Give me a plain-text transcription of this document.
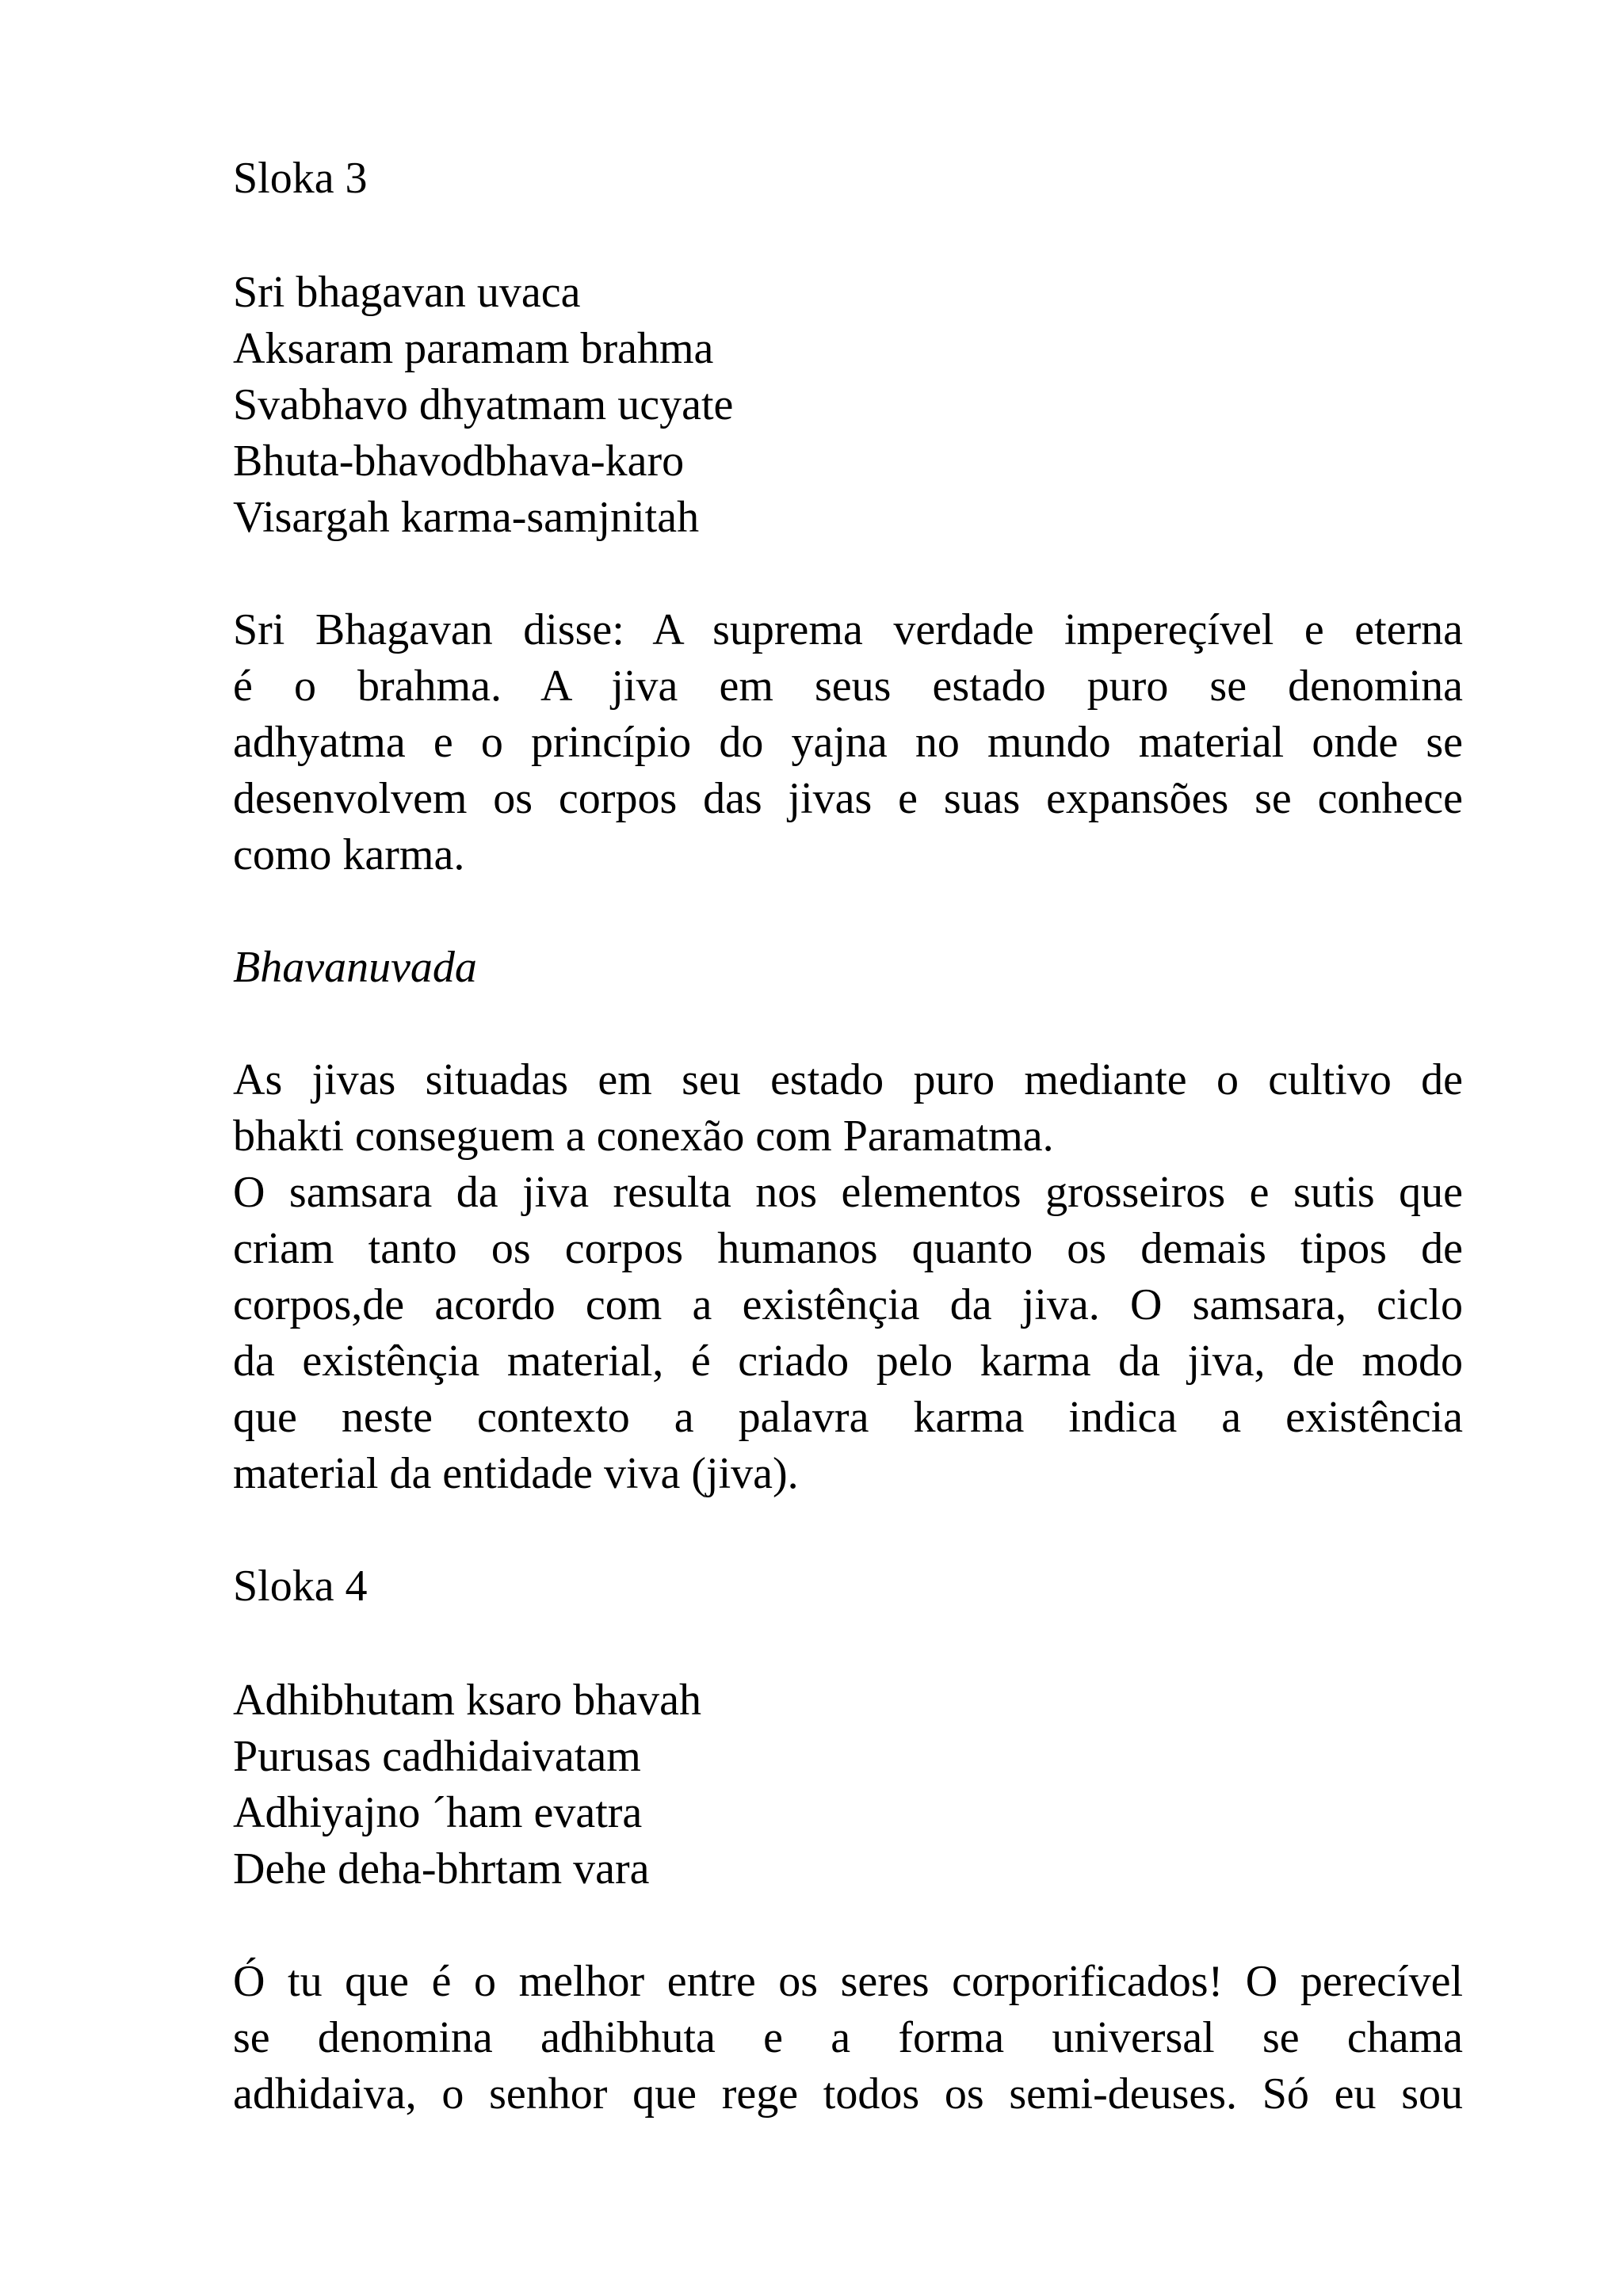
Sloka 3
Sri bhagavan uvaca
Aksaram paramam brahma
Svabhavo dhyatmam ucyate
Bhuta-bhavodbhava-karo
Visargah karma-samjnitah
Sri Bhagavan disse: A suprema verdade impereçível e eterna
é o brahma. A jiva em seus estado puro se denomina
adhyatma e o princípio do yajna no mundo material onde se
desenvolvem os corpos das jivas e suas expansões se conhece
como karma.
Bhavanuvada
As jivas situadas em seu estado puro mediante o cultivo de
bhakti conseguem a conexão com Paramatma.
O samsara da jiva resulta nos elementos grosseiros e sutis que
criam tanto os corpos humanos quanto os demais tipos de
corpos,de acordo com a existênçia da jiva. O samsara, ciclo
da existênçia material, é criado pelo karma da jiva, de modo
que neste contexto a palavra karma indica a existência
material da entidade viva (jiva).
Sloka 4
Adhibhutam ksaro bhavah
Purusas cadhidaivatam
Adhiyajno ´ham evatra
Dehe deha-bhrtam vara
Ó tu que é o melhor entre os seres corporificados! O perecível
se denomina adhibhuta e a forma universal se chama
adhidaiva, o senhor que rege todos os semi-deuses. Só eu sou
